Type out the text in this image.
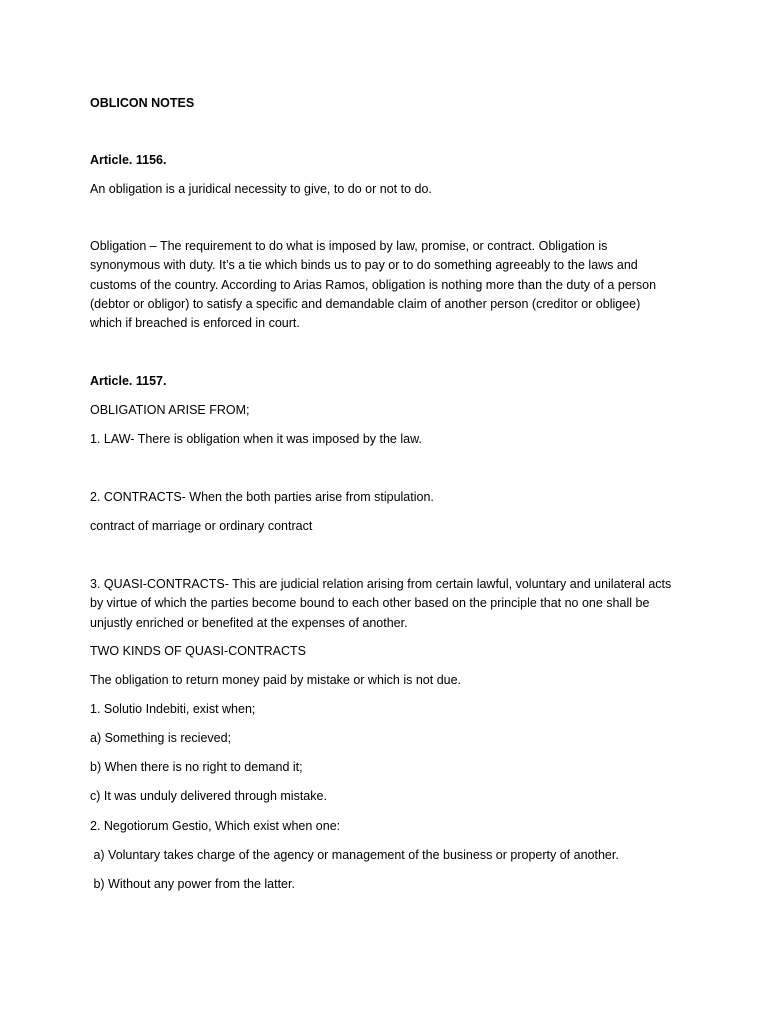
OBLICON NOTES
Article. 1156.
An obligation is a juridical necessity to give, to do or not to do.
Obligation – The requirement to do what is imposed by law, promise, or contract. Obligation is synonymous with duty. It’s a tie which binds us to pay or to do something agreeably to the laws and customs of the country. According to Arias Ramos, obligation is nothing more than the duty of a person (debtor or obligor) to satisfy a specific and demandable claim of another person (creditor or obligee) which if breached is enforced in court.
Article. 1157.
OBLIGATION ARISE FROM;
1. LAW- There is obligation when it was imposed by the law.
2. CONTRACTS- When the both parties arise from stipulation.
contract of marriage or ordinary contract
3. QUASI-CONTRACTS- This are judicial relation arising from certain lawful, voluntary and unilateral acts by virtue of which the parties become bound to each other based on the principle that no one shall be unjustly enriched or benefited at the expenses of another.
TWO KINDS OF QUASI-CONTRACTS
The obligation to return money paid by mistake or which is not due.
1. Solutio Indebiti, exist when;
a) Something is recieved;
b) When there is no right to demand it;
c) It was unduly delivered through mistake.
2. Negotiorum Gestio, Which exist when one:
a) Voluntary takes charge of the agency or management of the business or property of another.
b) Without any power from the latter.
